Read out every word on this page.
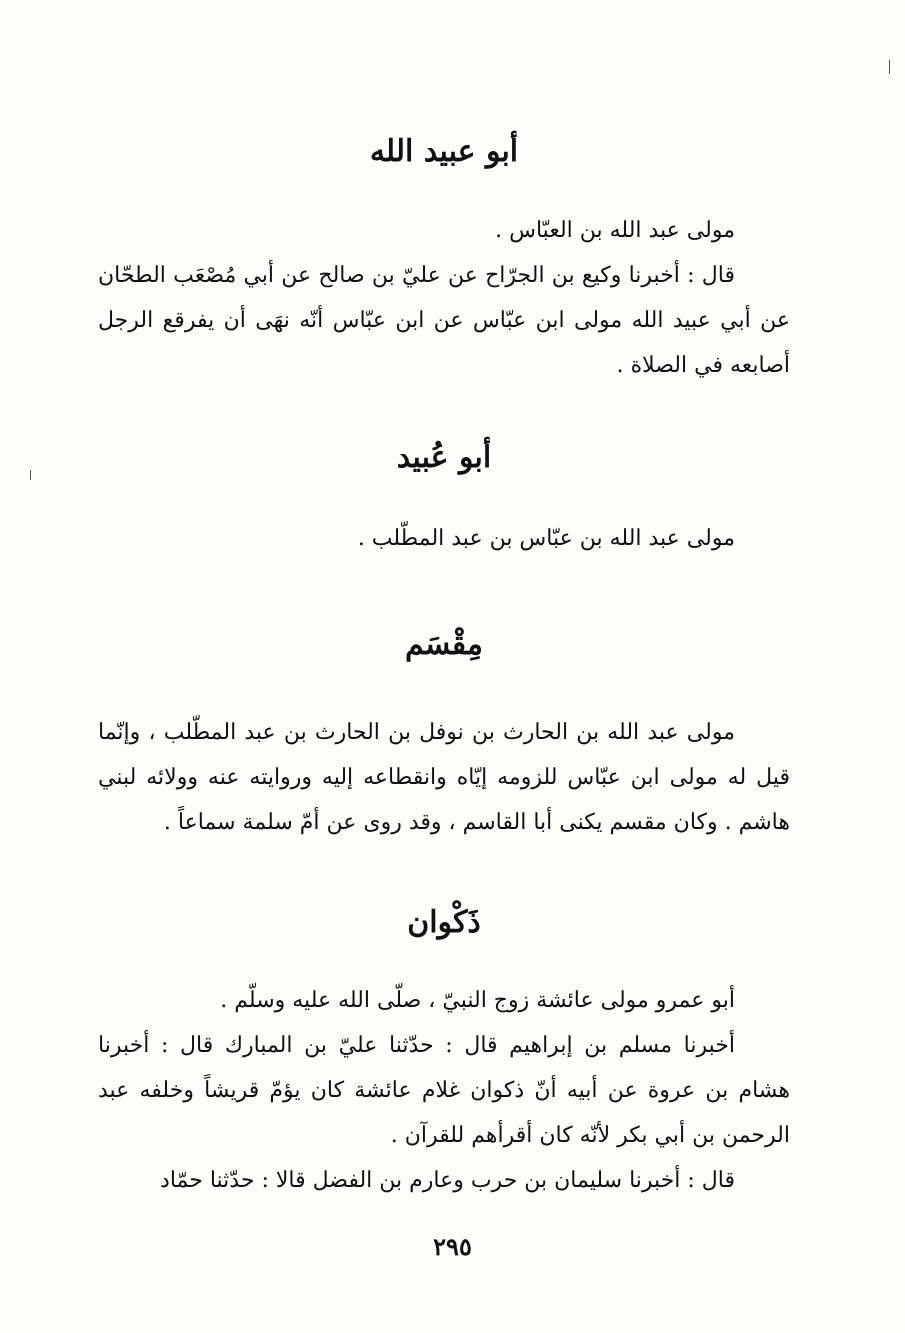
أبو عبيد الله

مولى عبد الله بن العبّاس .

قال : أخبرنا وكيع بن الجرّاح عن عليّ بن صالح عن أبي مُصْعَب الطحّان عن أبي عبيد الله مولى ابن عبّاس عن ابن عبّاس أنّه نهَى أن يفرقع الرجل أصابعه في الصلاة .

أبو عُبيد

مولى عبد الله بن عبّاس بن عبد المطّلب .

مِقْسَم

مولى عبد الله بن الحارث بن نوفل بن الحارث بن عبد المطّلب ، وإنّما قيل له مولى ابن عبّاس للزومه إيّاه وانقطاعه إليه وروايته عنه وولائه لبني هاشم . وكان مقسم يكنى أبا القاسم ، وقد روى عن أمّ سلمة سماعاً .

ذَكْوان

أبو عمرو مولى عائشة زوج النبيّ ، صلّى الله عليه وسلّم .

أخبرنا مسلم بن إبراهيم قال : حدّثنا عليّ بن المبارك قال : أخبرنا هشام بن عروة عن أبيه أنّ ذكوان غلام عائشة كان يؤمّ قريشاً وخلفه عبد الرحمن بن أبي بكر لأنّه كان أقرأهم للقرآن .

قال : أخبرنا سليمان بن حرب وعارم بن الفضل قالا : حدّثنا حمّاد

٢٩٥
